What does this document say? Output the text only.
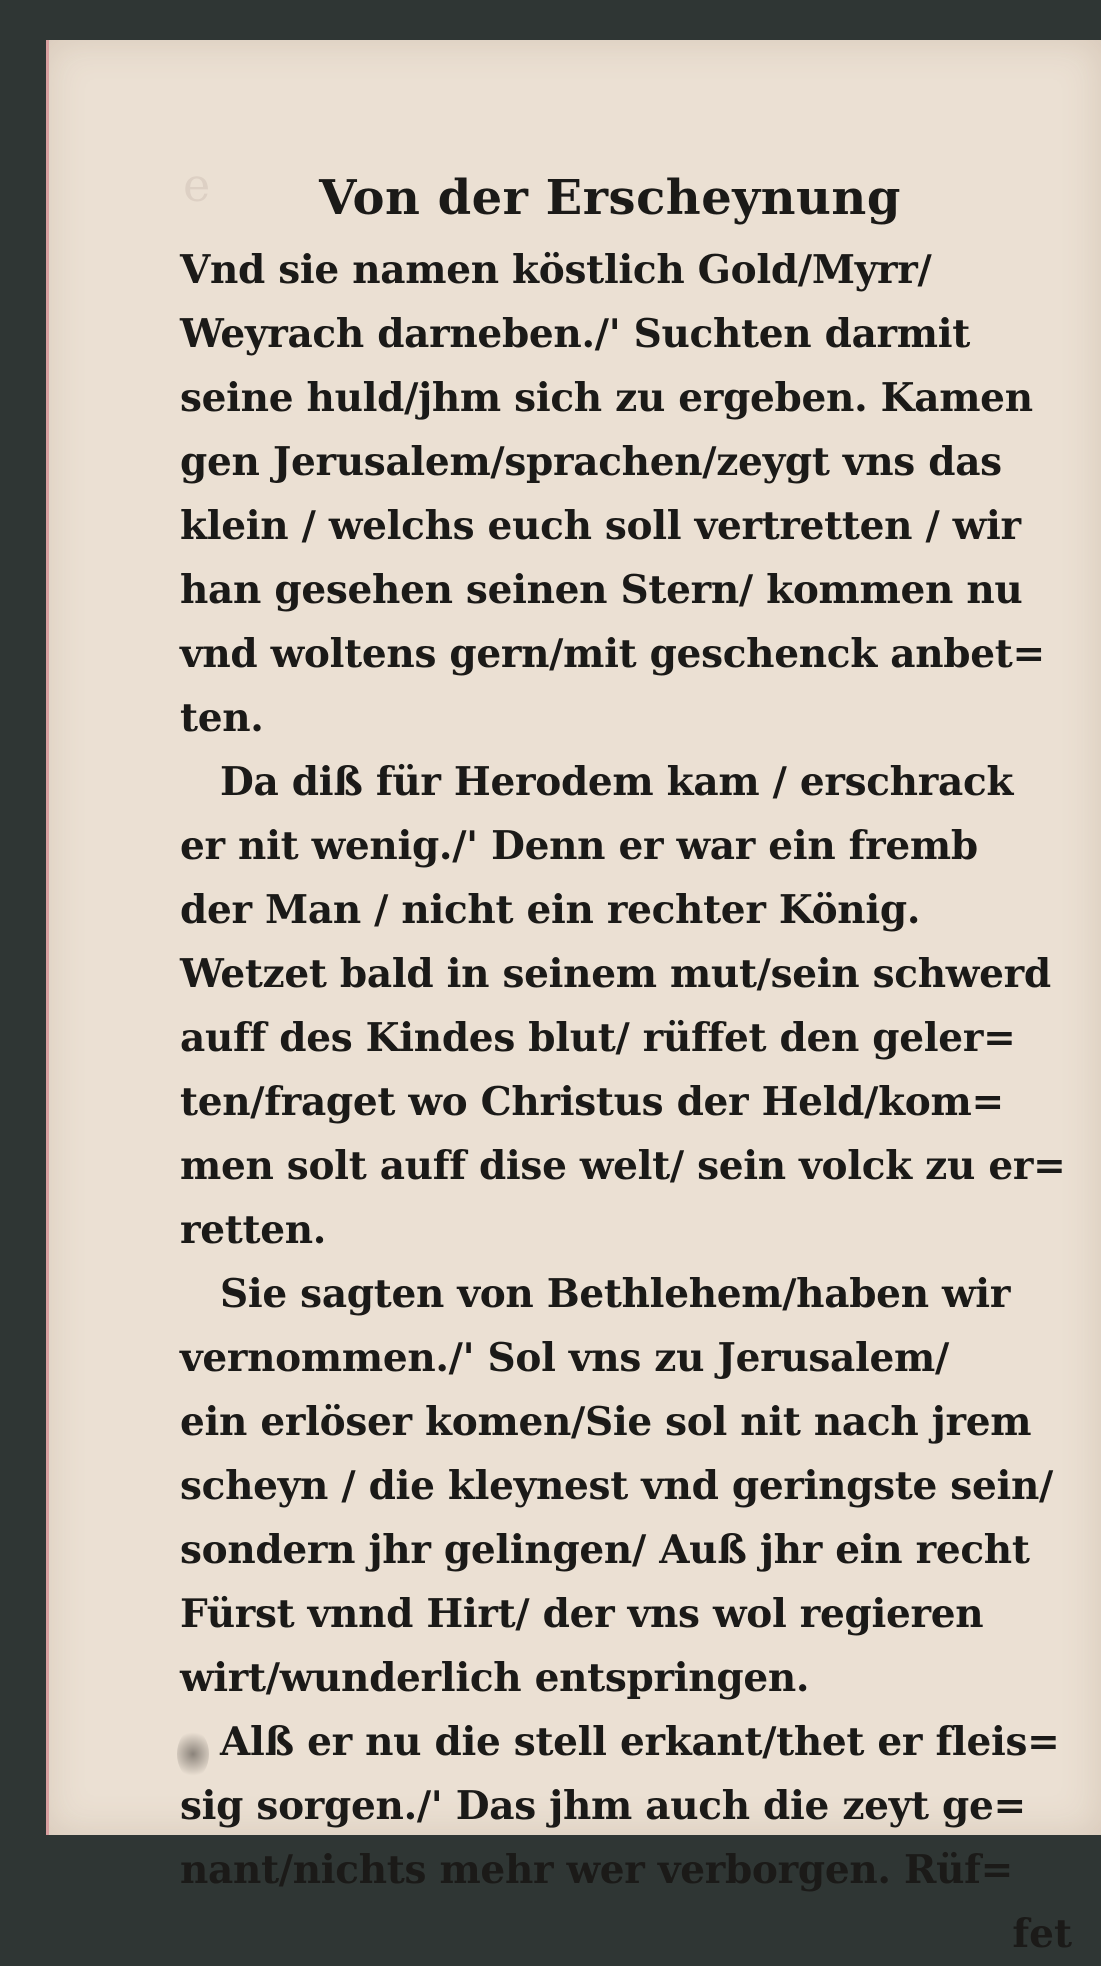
e	Von der Erscheynung
Vnd sie namen köstlich Gold/Myrr/
Weyrach darneben./' Suchten darmit
seine huld/jhm sich zu ergeben. Kamen
gen Jerusalem/sprachen/zeygt vns das
klein / welchs euch soll vertretten / wir
han gesehen seinen Stern/ kommen nu
vnd woltens gern/mit geschenck anbet=
ten.
Da diß für Herodem kam / erschrack
er nit wenig./' Denn er war ein fremb
der Man / nicht ein rechter König.
Wetzet bald in seinem mut/sein schwerd
auff des Kindes blut/ rüffet den geler=
ten/fraget wo Christus der Held/kom=
men solt auff dise welt/ sein volck zu er=
retten.
Sie sagten von Bethlehem/haben wir
vernommen./' Sol vns zu Jerusalem/
ein erlöser komen/Sie sol nit nach jrem
scheyn / die kleynest vnd geringste sein/
sondern jhr gelingen/ Auß jhr ein recht
Fürst vnnd Hirt/ der vns wol regieren
wirt/wunderlich entspringen.
Alß er nu die stell erkant/thet er fleis=
sig sorgen./' Das jhm auch die zeyt ge=
nant/nichts mehr wer verborgen. Rüf=
fet
